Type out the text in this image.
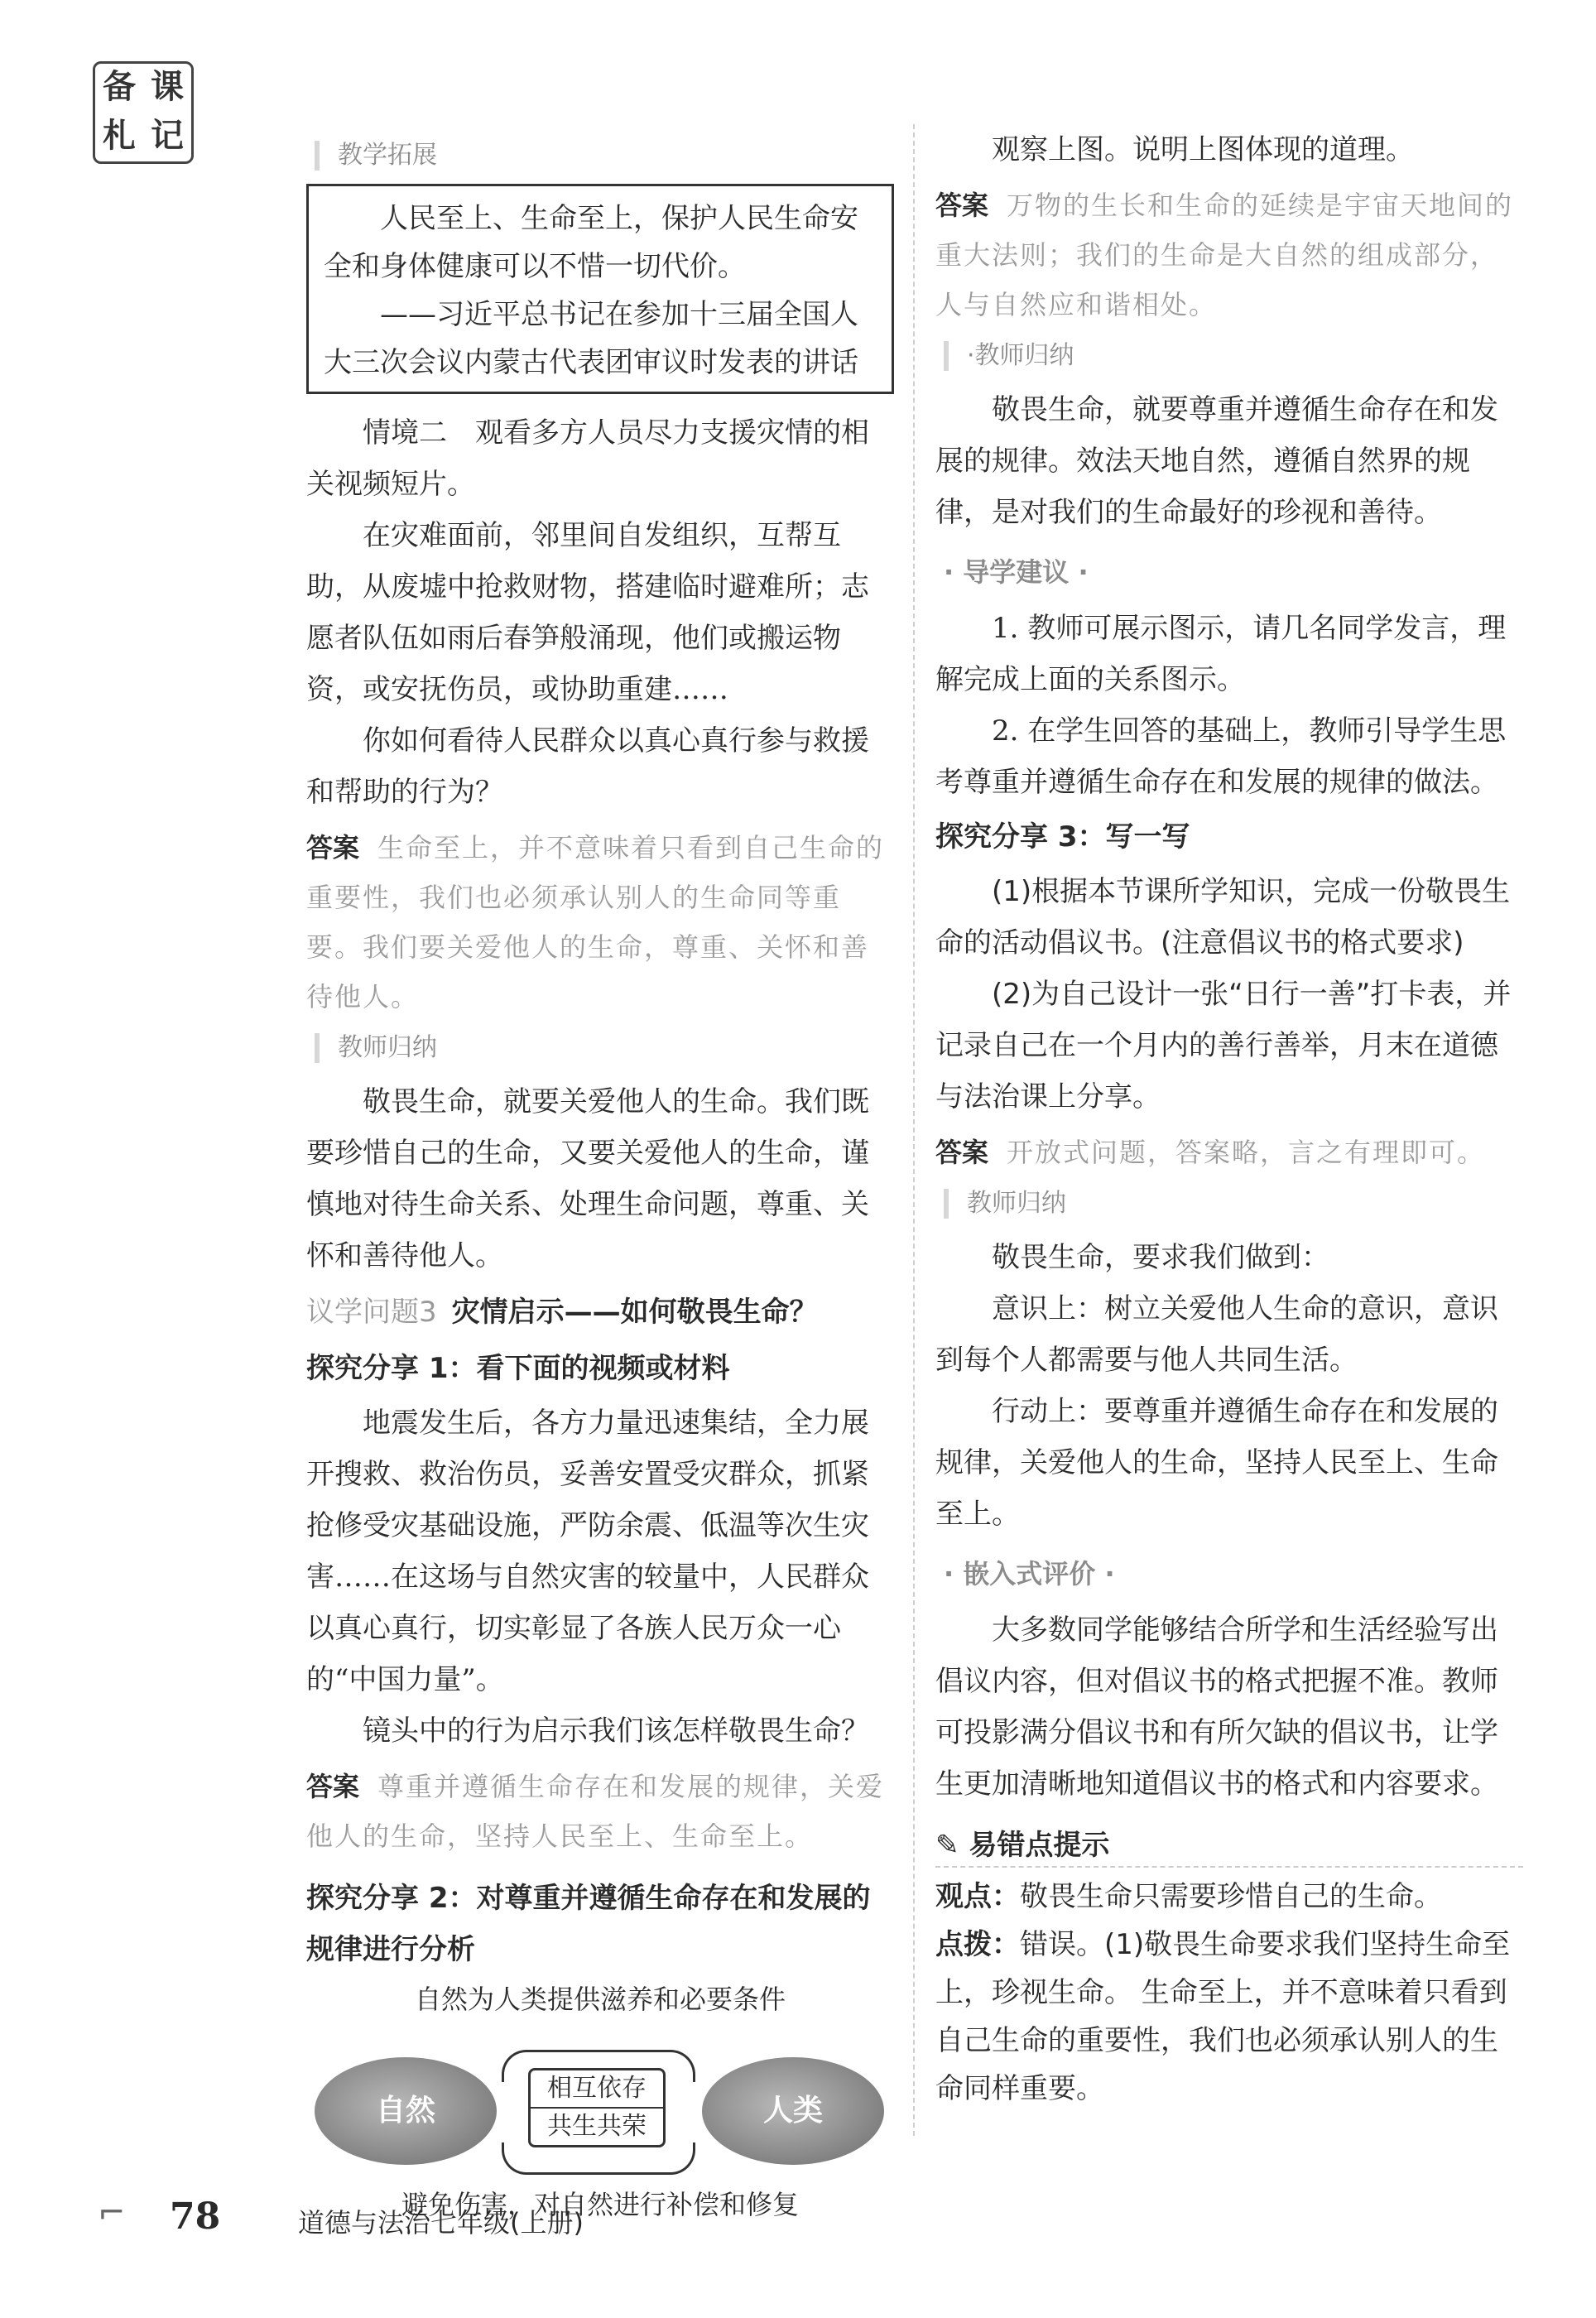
备 课
札 记
教学拓展

人民至上、生命至上，保护人民生命安全和身体健康可以不惜一切代价。

——习近平总书记在参加十三届全国人大三次会议内蒙古代表团审议时发表的讲话

情境二　观看多方人员尽力支援灾情的相关视频短片。

在灾难面前，邻里间自发组织，互帮互助，从废墟中抢救财物，搭建临时避难所；志愿者队伍如雨后春笋般涌现，他们或搬运物资，或安抚伤员，或协助重建……

你如何看待人民群众以真心真行参与救援和帮助的行为？

答案 生命至上，并不意味着只看到自己生命的重要性，我们也必须承认别人的生命同等重要。我们要关爱他人的生命，尊重、关怀和善待他人。
教师归纳

敬畏生命，就要关爱他人的生命。我们既要珍惜自己的生命，又要关爱他人的生命，谨慎地对待生命关系、处理生命问题，尊重、关怀和善待他人。

议学问题3 灾情启示——如何敬畏生命？
探究分享 1：看下面的视频或材料

地震发生后，各方力量迅速集结，全力展开搜救、救治伤员，妥善安置受灾群众，抓紧抢修受灾基础设施，严防余震、低温等次生灾害……在这场与自然灾害的较量中，人民群众以真心真行，切实彰显了各族人民万众一心的“中国力量”。

镜头中的行为启示我们该怎样敬畏生命？

答案 尊重并遵循生命存在和发展的规律，关爱他人的生命，坚持人民至上、生命至上。
探究分享 2：对尊重并遵循生命存在和发展的规律进行分析
自然为人类提供滋养和必要条件
自然	人类
相互依存
共生共荣
避免伤害，对自然进行补偿和修复

观察上图。说明上图体现的道理。

答案 万物的生长和生命的延续是宇宙天地间的重大法则；我们的生命是大自然的组成部分，人与自然应和谐相处。
·教师归纳

敬畏生命，就要尊重并遵循生命存在和发展的规律。效法天地自然，遵循自然界的规律，是对我们的生命最好的珍视和善待。

· 导学建议 ·

1. 教师可展示图示，请几名同学发言，理解完成上面的关系图示。

2. 在学生回答的基础上，教师引导学生思考尊重并遵循生命存在和发展的规律的做法。

探究分享 3：写一写

(1)根据本节课所学知识，完成一份敬畏生命的活动倡议书。(注意倡议书的格式要求)

(2)为自己设计一张“日行一善”打卡表，并记录自己在一个月内的善行善举，月末在道德与法治课上分享。

答案 开放式问题，答案略，言之有理即可。
教师归纳

敬畏生命，要求我们做到：

意识上：树立关爱他人生命的意识，意识到每个人都需要与他人共同生活。

行动上：要尊重并遵循生命存在和发展的规律，关爱他人的生命，坚持人民至上、生命至上。

· 嵌入式评价 ·

大多数同学能够结合所学和生活经验写出倡议内容，但对倡议书的格式把握不准。教师可投影满分倡议书和有所欠缺的倡议书，让学生更加清晰地知道倡议书的格式和内容要求。

✎ 易错点提示

观点：敬畏生命只需要珍惜自己的生命。

点拨：错误。(1)敬畏生命要求我们坚持生命至上，珍视生命。 生命至上，并不意味着只看到自己生命的重要性，我们也必须承认别人的生命同样重要。

⌐ 78	道德与法治七年级(上册)
